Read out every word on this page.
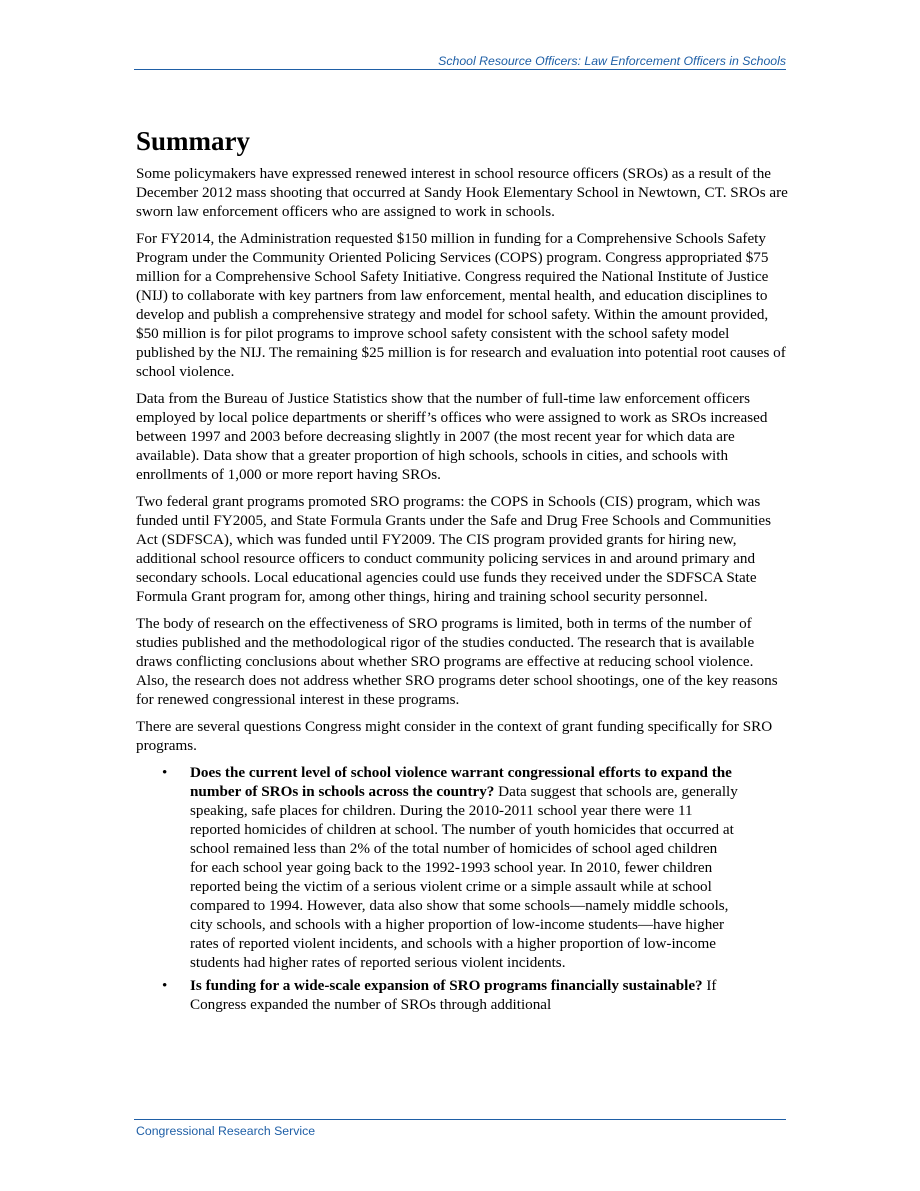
School Resource Officers: Law Enforcement Officers in Schools
Summary

Some policymakers have expressed renewed interest in school resource officers (SROs) as a result of the December 2012 mass shooting that occurred at Sandy Hook Elementary School in Newtown, CT. SROs are sworn law enforcement officers who are assigned to work in schools.

For FY2014, the Administration requested $150 million in funding for a Comprehensive Schools Safety Program under the Community Oriented Policing Services (COPS) program. Congress appropriated $75 million for a Comprehensive School Safety Initiative. Congress required the National Institute of Justice (NIJ) to collaborate with key partners from law enforcement, mental health, and education disciplines to develop and publish a comprehensive strategy and model for school safety. Within the amount provided, $50 million is for pilot programs to improve school safety consistent with the school safety model published by the NIJ. The remaining $25 million is for research and evaluation into potential root causes of school violence.

Data from the Bureau of Justice Statistics show that the number of full-time law enforcement officers employed by local police departments or sheriff’s offices who were assigned to work as SROs increased between 1997 and 2003 before decreasing slightly in 2007 (the most recent year for which data are available). Data show that a greater proportion of high schools, schools in cities, and schools with enrollments of 1,000 or more report having SROs.

Two federal grant programs promoted SRO programs: the COPS in Schools (CIS) program, which was funded until FY2005, and State Formula Grants under the Safe and Drug Free Schools and Communities Act (SDFSCA), which was funded until FY2009. The CIS program provided grants for hiring new, additional school resource officers to conduct community policing services in and around primary and secondary schools. Local educational agencies could use funds they received under the SDFSCA State Formula Grant program for, among other things, hiring and training school security personnel.

The body of research on the effectiveness of SRO programs is limited, both in terms of the number of studies published and the methodological rigor of the studies conducted. The research that is available draws conflicting conclusions about whether SRO programs are effective at reducing school violence. Also, the research does not address whether SRO programs deter school shootings, one of the key reasons for renewed congressional interest in these programs.

There are several questions Congress might consider in the context of grant funding specifically for SRO programs.

• Does the current level of school violence warrant congressional efforts to expand the number of SROs in schools across the country? Data suggest that schools are, generally speaking, safe places for children. During the 2010-2011 school year there were 11 reported homicides of children at school. The number of youth homicides that occurred at school remained less than 2% of the total number of homicides of school aged children for each school year going back to the 1992-1993 school year. In 2010, fewer children reported being the victim of a serious violent crime or a simple assault while at school compared to 1994. However, data also show that some schools—namely middle schools, city schools, and schools with a higher proportion of low-income students—have higher rates of reported violent incidents, and schools with a higher proportion of low-income students had higher rates of reported serious violent incidents.
• Is funding for a wide-scale expansion of SRO programs financially sustainable? If Congress expanded the number of SROs through additional
Congressional Research Service
